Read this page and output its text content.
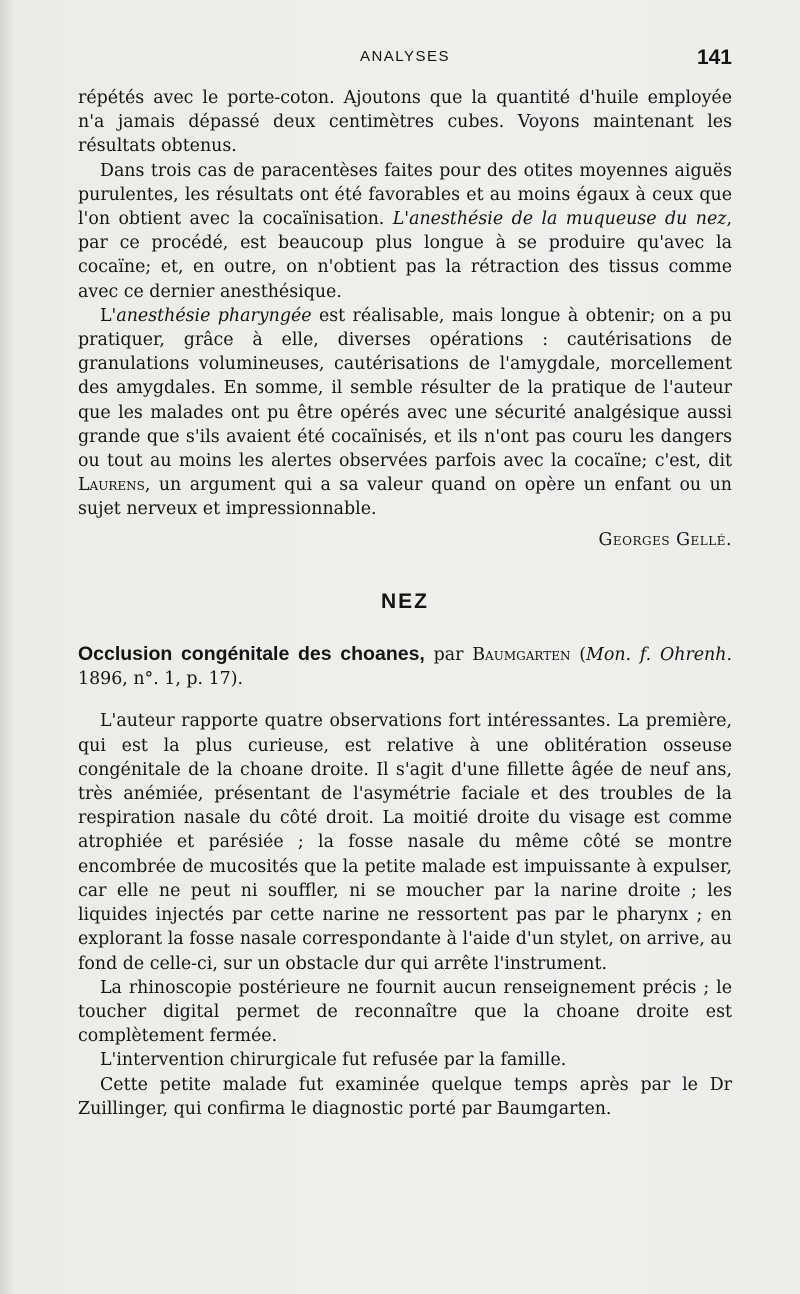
ANALYSES	141

répétés avec le porte-coton. Ajoutons que la quantité d'huile employée n'a jamais dépassé deux centimètres cubes. Voyons maintenant les résultats obtenus.

Dans trois cas de paracentèses faites pour des otites moyennes aiguës purulentes, les résultats ont été favorables et au moins égaux à ceux que l'on obtient avec la cocaïnisation. L'anesthésie de la muqueuse du nez, par ce procédé, est beaucoup plus longue à se produire qu'avec la cocaïne; et, en outre, on n'obtient pas la rétraction des tissus comme avec ce dernier anesthésique.

L'anesthésie pharyngée est réalisable, mais longue à obtenir; on a pu pratiquer, grâce à elle, diverses opérations : cautérisations de granulations volumineuses, cautérisations de l'amygdale, morcellement des amygdales. En somme, il semble résulter de la pratique de l'auteur que les malades ont pu être opérés avec une sécurité analgésique aussi grande que s'ils avaient été cocaïnisés, et ils n'ont pas couru les dangers ou tout au moins les alertes observées parfois avec la cocaïne; c'est, dit Laurens, un argument qui a sa valeur quand on opère un enfant ou un sujet nerveux et impressionnable.

Georges Gellé.

NEZ

Occlusion congénitale des choanes, par Baumgarten (Mon. f. Ohrenh. 1896, n°. 1, p. 17).

L'auteur rapporte quatre observations fort intéressantes. La première, qui est la plus curieuse, est relative à une oblitération osseuse congénitale de la choane droite. Il s'agit d'une fillette âgée de neuf ans, très anémiée, présentant de l'asymétrie faciale et des troubles de la respiration nasale du côté droit. La moitié droite du visage est comme atrophiée et parésiée ; la fosse nasale du même côté se montre encombrée de mucosités que la petite malade est impuissante à expulser, car elle ne peut ni souffler, ni se moucher par la narine droite ; les liquides injectés par cette narine ne ressortent pas par le pharynx ; en explorant la fosse nasale correspondante à l'aide d'un stylet, on arrive, au fond de celle-ci, sur un obstacle dur qui arrête l'instrument.

La rhinoscopie postérieure ne fournit aucun renseignement précis ; le toucher digital permet de reconnaître que la choane droite est complètement fermée.

L'intervention chirurgicale fut refusée par la famille.

Cette petite malade fut examinée quelque temps après par le Dr Zuillinger, qui confirma le diagnostic porté par Baumgarten.
